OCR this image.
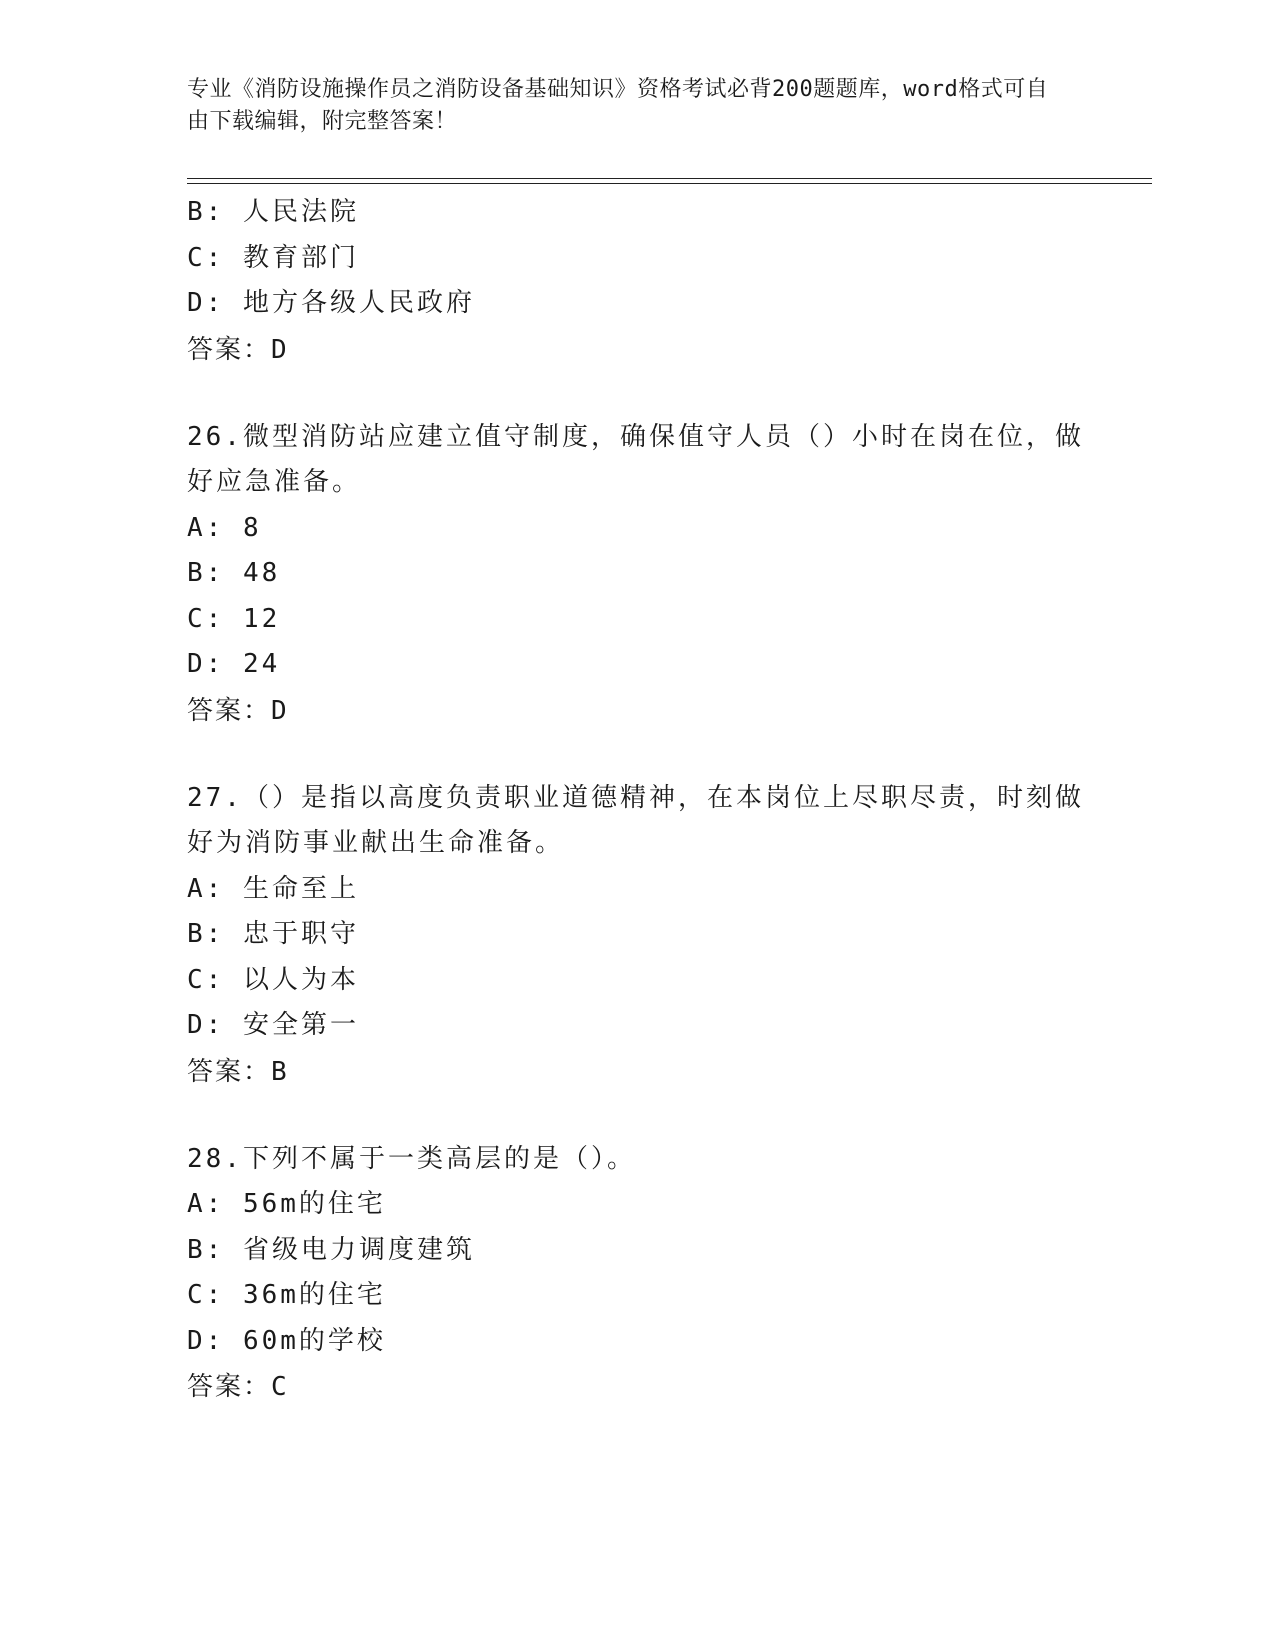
专业《消防设施操作员之消防设备基础知识》资格考试必背200题题库，word格式可自由下载编辑，附完整答案！
B: 人民法院
C: 教育部门
D: 地方各级人民政府
答案：D
26.微型消防站应建立值守制度，确保值守人员（）小时在岗在位，做好应急准备。
A: 8
B: 48
C: 12
D: 24
答案：D
27.（）是指以高度负责职业道德精神，在本岗位上尽职尽责，时刻做好为消防事业献出生命准备。
A: 生命至上
B: 忠于职守
C: 以人为本
D: 安全第一
答案：B
28.下列不属于一类高层的是（）。
A: 56m的住宅
B: 省级电力调度建筑
C: 36m的住宅
D: 60m的学校
答案：C
